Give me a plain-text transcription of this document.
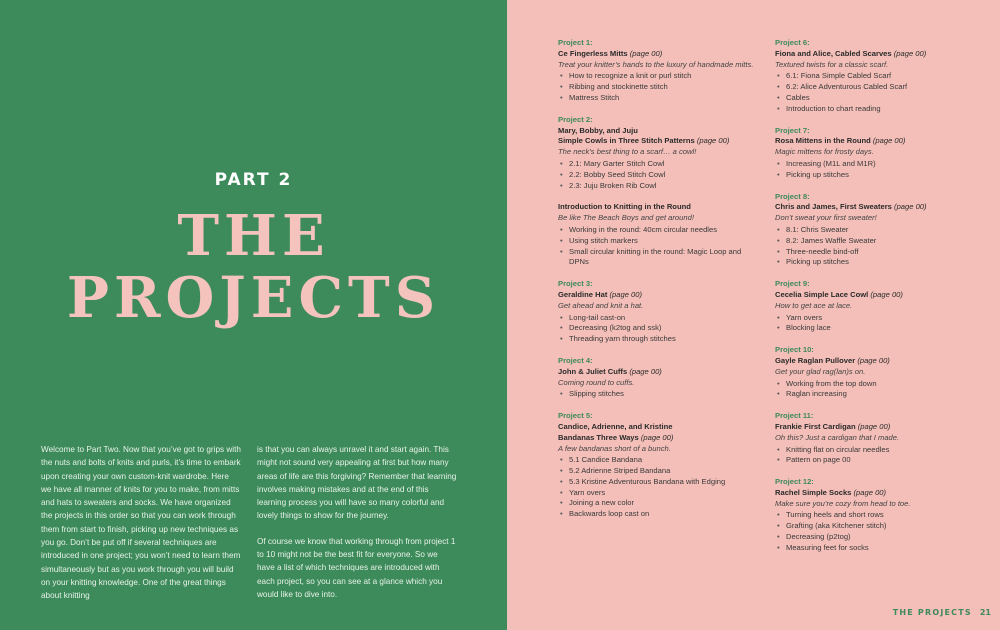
PART 2
THE
PROJECTS

Welcome to Part Two. Now that you’ve got to grips with the nuts and bolts of knits and purls, it’s time to embark upon creating your own custom-knit wardrobe. Here we have all manner of knits for you to make, from mitts and hats to sweaters and socks. We have organized the projects in this order so that you can work through them from start to finish, picking up new techniques as you go. Don’t be put off if several techniques are introduced in one project; you won’t need to learn them simultaneously but as you work through you will build on your knitting knowledge. One of the great things about knitting

is that you can always unravel it and start again. This might not sound very appealing at first but how many areas of life are this forgiving? Remember that learning involves making mistakes and at the end of this learning process you will have so many colorful and lovely things to show for the journey.

Of course we know that working through from project 1 to 10 might not be the best fit for everyone. So we have a list of which techniques are introduced with each project, so you can see at a glance which you would like to dive into.

Project 1:
Ce Fingerless Mitts (page 00)
Treat your knitter’s hands to the luxury of handmade mitts.
• How to recognize a knit or purl stitch
• Ribbing and stockinette stitch
• Mattress Stitch
Project 2:
Mary, Bobby, and Juju
Simple Cowls in Three Stitch Patterns (page 00)
The neck’s best thing to a scarf… a cowl!
• 2.1: Mary Garter Stitch Cowl
• 2.2: Bobby Seed Stitch Cowl
• 2.3: Juju Broken Rib Cowl
Introduction to Knitting in the Round
Be like The Beach Boys and get around!
• Working in the round: 40cm circular needles
• Using stitch markers
• Small circular knitting in the round: Magic Loop and DPNs
Project 3:
Geraldine Hat (page 00)
Get ahead and knit a hat.
• Long-tail cast-on
• Decreasing (k2tog and ssk)
• Threading yarn through stitches
Project 4:
John & Juliet Cuffs (page 00)
Coming round to cuffs.
• Slipping stitches
Project 5:
Candice, Adrienne, and Kristine
Bandanas Three Ways (page 00)
A few bandanas short of a bunch.
• 5.1 Candice Bandana
• 5.2 Adrienne Striped Bandana
• 5.3 Kristine Adventurous Bandana with Edging
• Yarn overs
• Joining a new color
• Backwards loop cast on
Project 6:
Fiona and Alice, Cabled Scarves (page 00)
Textured twists for a classic scarf.
• 6.1: Fiona Simple Cabled Scarf
• 6.2: Alice Adventurous Cabled Scarf
• Cables
• Introduction to chart reading
Project 7:
Rosa Mittens in the Round (page 00)
Magic mittens for frosty days.
• Increasing (M1L and M1R)
• Picking up stitches
Project 8:
Chris and James, First Sweaters (page 00)
Don’t sweat your first sweater!
• 8.1: Chris Sweater
• 8.2: James Waffle Sweater
• Three-needle bind-off
• Picking up stitches
Project 9:
Cecelia Simple Lace Cowl (page 00)
How to get ace at lace.
• Yarn overs
• Blocking lace
Project 10:
Gayle Raglan Pullover (page 00)
Get your glad rag(lan)s on.
• Working from the top down
• Raglan increasing
Project 11:
Frankie First Cardigan (page 00)
Oh this? Just a cardigan that I made.
• Knitting flat on circular needles
• Pattern on page 00
Project 12:
Rachel Simple Socks (page 00)
Make sure you’re cozy from head to toe.
• Turning heels and short rows
• Grafting (aka Kitchener stitch)
• Decreasing (p2tog)
• Measuring feet for socks
THE PROJECTS 21
